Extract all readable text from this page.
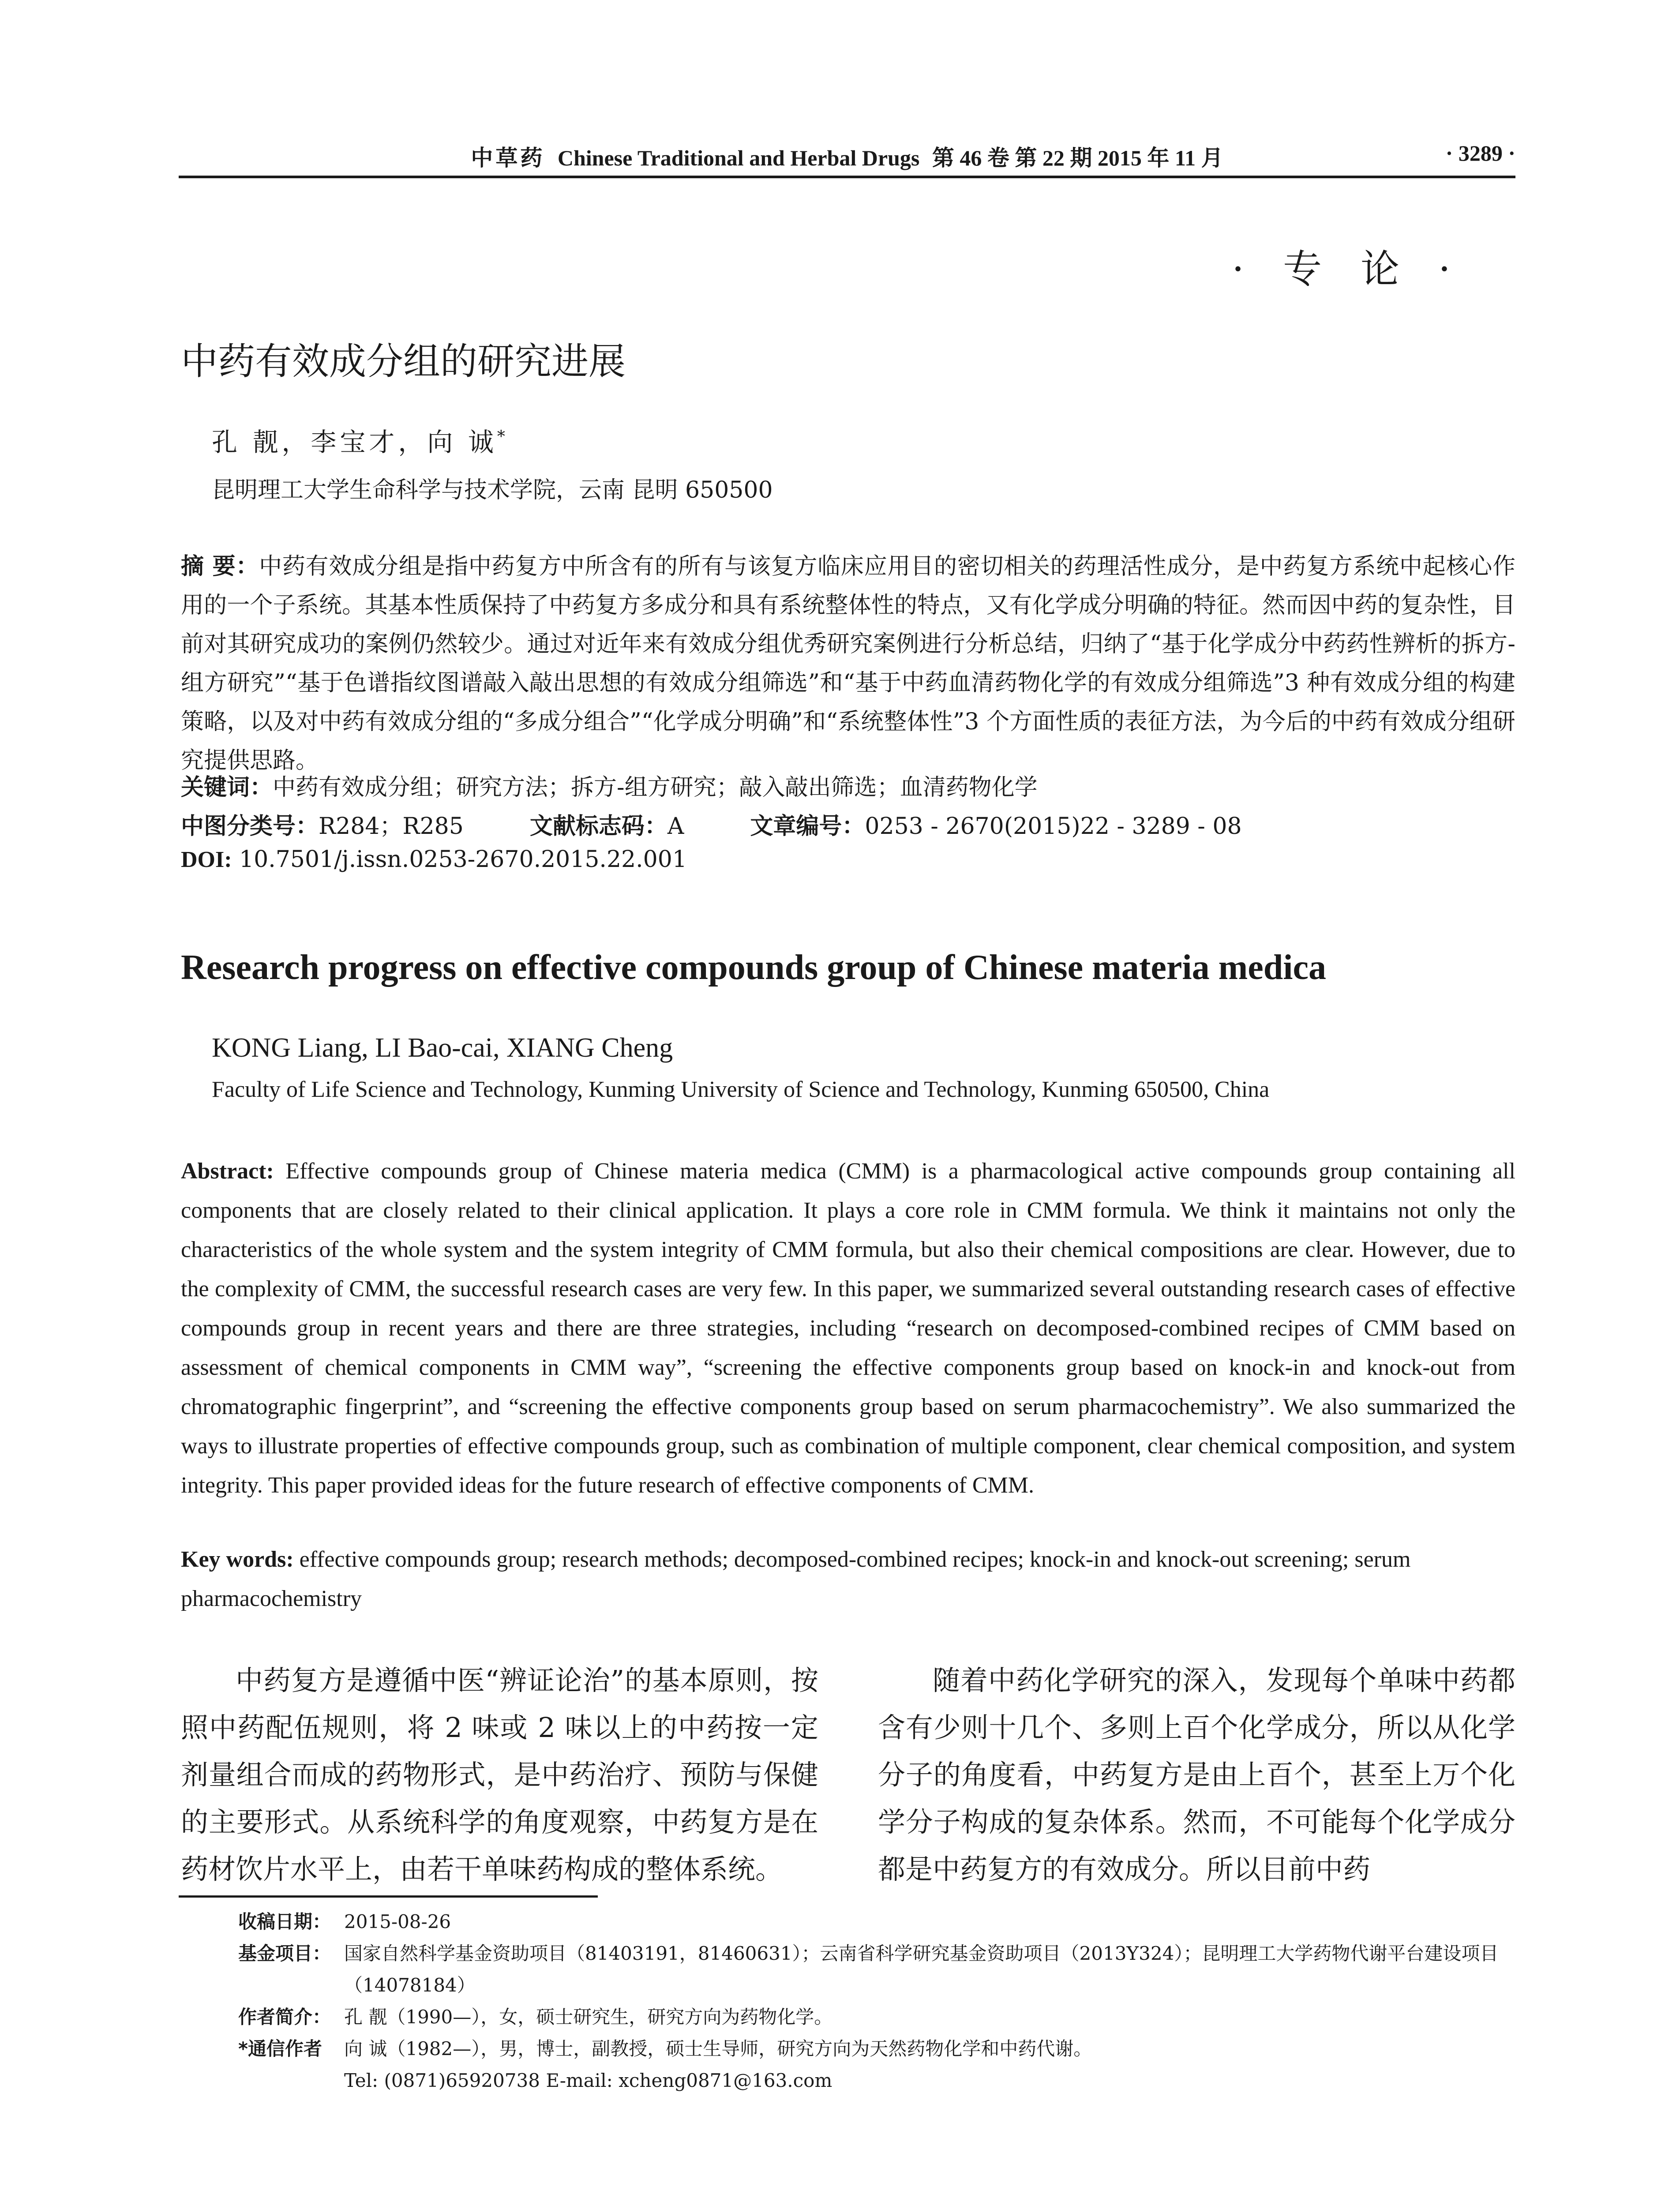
中草药 Chinese Traditional and Herbal Drugs 第 46 卷 第 22 期 2015 年 11 月	· 3289 ·
· 专 论 ·
中药有效成分组的研究进展
孔 靓，李宝才，向 诚*
昆明理工大学生命科学与技术学院，云南 昆明 650500
摘 要：中药有效成分组是指中药复方中所含有的所有与该复方临床应用目的密切相关的药理活性成分，是中药复方系统中起核心作用的一个子系统。其基本性质保持了中药复方多成分和具有系统整体性的特点，又有化学成分明确的特征。然而因中药的复杂性，目前对其研究成功的案例仍然较少。通过对近年来有效成分组优秀研究案例进行分析总结，归纳了“基于化学成分中药药性辨析的拆方-组方研究”“基于色谱指纹图谱敲入敲出思想的有效成分组筛选”和“基于中药血清药物化学的有效成分组筛选”3 种有效成分组的构建策略，以及对中药有效成分组的“多成分组合”“化学成分明确”和“系统整体性”3 个方面性质的表征方法，为今后的中药有效成分组研究提供思路。
关键词：中药有效成分组；研究方法；拆方-组方研究；敲入敲出筛选；血清药物化学
中图分类号：R284；R285	文献标志码：A	文章编号：0253 - 2670(2015)22 - 3289 - 08
DOI: 10.7501/j.issn.0253-2670.2015.22.001
Research progress on effective compounds group of Chinese materia medica
KONG Liang, LI Bao-cai, XIANG Cheng
Faculty of Life Science and Technology, Kunming University of Science and Technology, Kunming 650500, China
Abstract: Effective compounds group of Chinese materia medica (CMM) is a pharmacological active compounds group containing all components that are closely related to their clinical application. It plays a core role in CMM formula. We think it maintains not only the characteristics of the whole system and the system integrity of CMM formula, but also their chemical compositions are clear. However, due to the complexity of CMM, the successful research cases are very few. In this paper, we summarized several outstanding research cases of effective compounds group in recent years and there are three strategies, including “research on decomposed-combined recipes of CMM based on assessment of chemical components in CMM way”, “screening the effective components group based on knock-in and knock-out from chromatographic fingerprint”, and “screening the effective components group based on serum pharmacochemistry”. We also summarized the ways to illustrate properties of effective compounds group, such as combination of multiple component, clear chemical composition, and system integrity. This paper provided ideas for the future research of effective components of CMM.
Key words: effective compounds group; research methods; decomposed-combined recipes; knock-in and knock-out screening; serum pharmacochemistry

中药复方是遵循中医“辨证论治”的基本原则，按照中药配伍规则，将 2 味或 2 味以上的中药按一定剂量组合而成的药物形式，是中药治疗、预防与保健的主要形式。从系统科学的角度观察，中药复方是在药材饮片水平上，由若干单味药构成的整体系统。

随着中药化学研究的深入，发现每个单味中药都含有少则十几个、多则上百个化学成分，所以从化学分子的角度看，中药复方是由上百个，甚至上万个化学分子构成的复杂体系。然而，不可能每个化学成分都是中药复方的有效成分。所以目前中药

收稿日期： 2015-08-26
基金项目： 国家自然科学基金资助项目（81403191，81460631）；云南省科学研究基金资助项目（2013Y324）；昆明理工大学药物代谢平台建设项目（14078184）
作者简介： 孔 靓（1990—），女，硕士研究生，研究方向为药物化学。
*通信作者 向 诚（1982—），男，博士，副教授，硕士生导师，研究方向为天然药物化学和中药代谢。
Tel: (0871)65920738 E-mail: xcheng0871@163.com
